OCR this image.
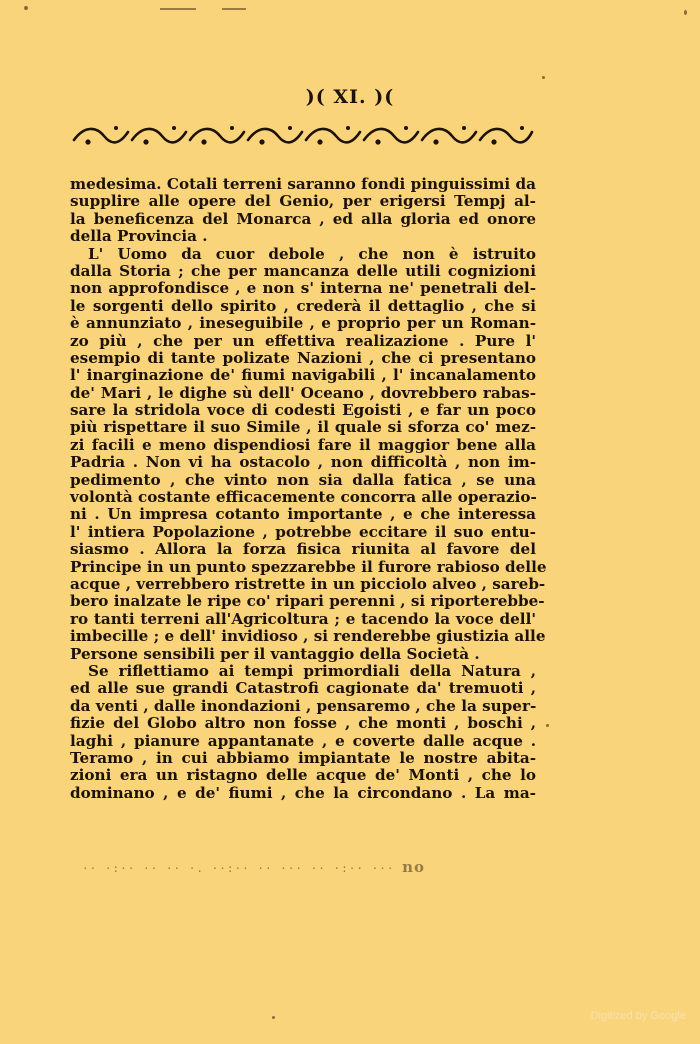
)( XI. )(
medesima. Cotali terreni saranno fondi pinguissimi da
supplire alle opere del Genio, per erigersi Tempj al-
la beneficenza del Monarca , ed alla gloria ed onore
della Provincia .
L' Uomo da cuor debole , che non è istruito
dalla Storia ; che per mancanza delle utili cognizioni
non approfondisce , e non s' interna ne' penetrali del-
le sorgenti dello spirito , crederà il dettaglio , che si
è annunziato , ineseguibile , e proprio per un Roman-
zo più , che per un effettiva realizazione . Pure l'
esempio di tante polizate Nazioni , che ci presentano
l' inarginazione de' fiumi navigabili , l' incanalamento
de' Mari , le dighe sù dell' Oceano , dovrebbero rabas-
sare la stridola voce di codesti Egoisti , e far un poco
più rispettare il suo Simile , il quale si sforza co' mez-
zi facili e meno dispendiosi fare il maggior bene alla
Padria . Non vi ha ostacolo , non difficoltà , non im-
pedimento , che vinto non sia dalla fatica , se una
volontà costante efficacemente concorra alle operazio-
ni . Un impresa cotanto importante , e che interessa
l' intiera Popolazione , potrebbe eccitare il suo entu-
siasmo . Allora la forza fisica riunita al favore del
Principe in un punto spezzarebbe il furore rabioso delle
acque , verrebbero ristrette in un picciolo alveo , sareb-
bero inalzate le ripe co' ripari perenni , si riporterebbe-
ro tanti terreni all'Agricoltura ; e tacendo la voce dell'
imbecille ; e dell' invidioso , si renderebbe giustizia alle
Persone sensibili per il vantaggio della Società .
Se riflettiamo ai tempi primordiali della Natura ,
ed alle sue grandi Catastrofi cagionate da' tremuoti ,
da venti , dalle inondazioni , pensaremo , che la super-
fizie del Globo altro non fosse , che monti , boschi ,
laghi , pianure appantanate , e coverte dalle acque .
Teramo , in cui abbiamo impiantate le nostre abita-
zioni era un ristagno delle acque de' Monti , che lo
dominano , e de' fiumi , che la circondano . La ma-
·· ·:·· ·· ·· ·. ··:·· ·· ··· ·· ·:·· ··· no
Digitized by Google
